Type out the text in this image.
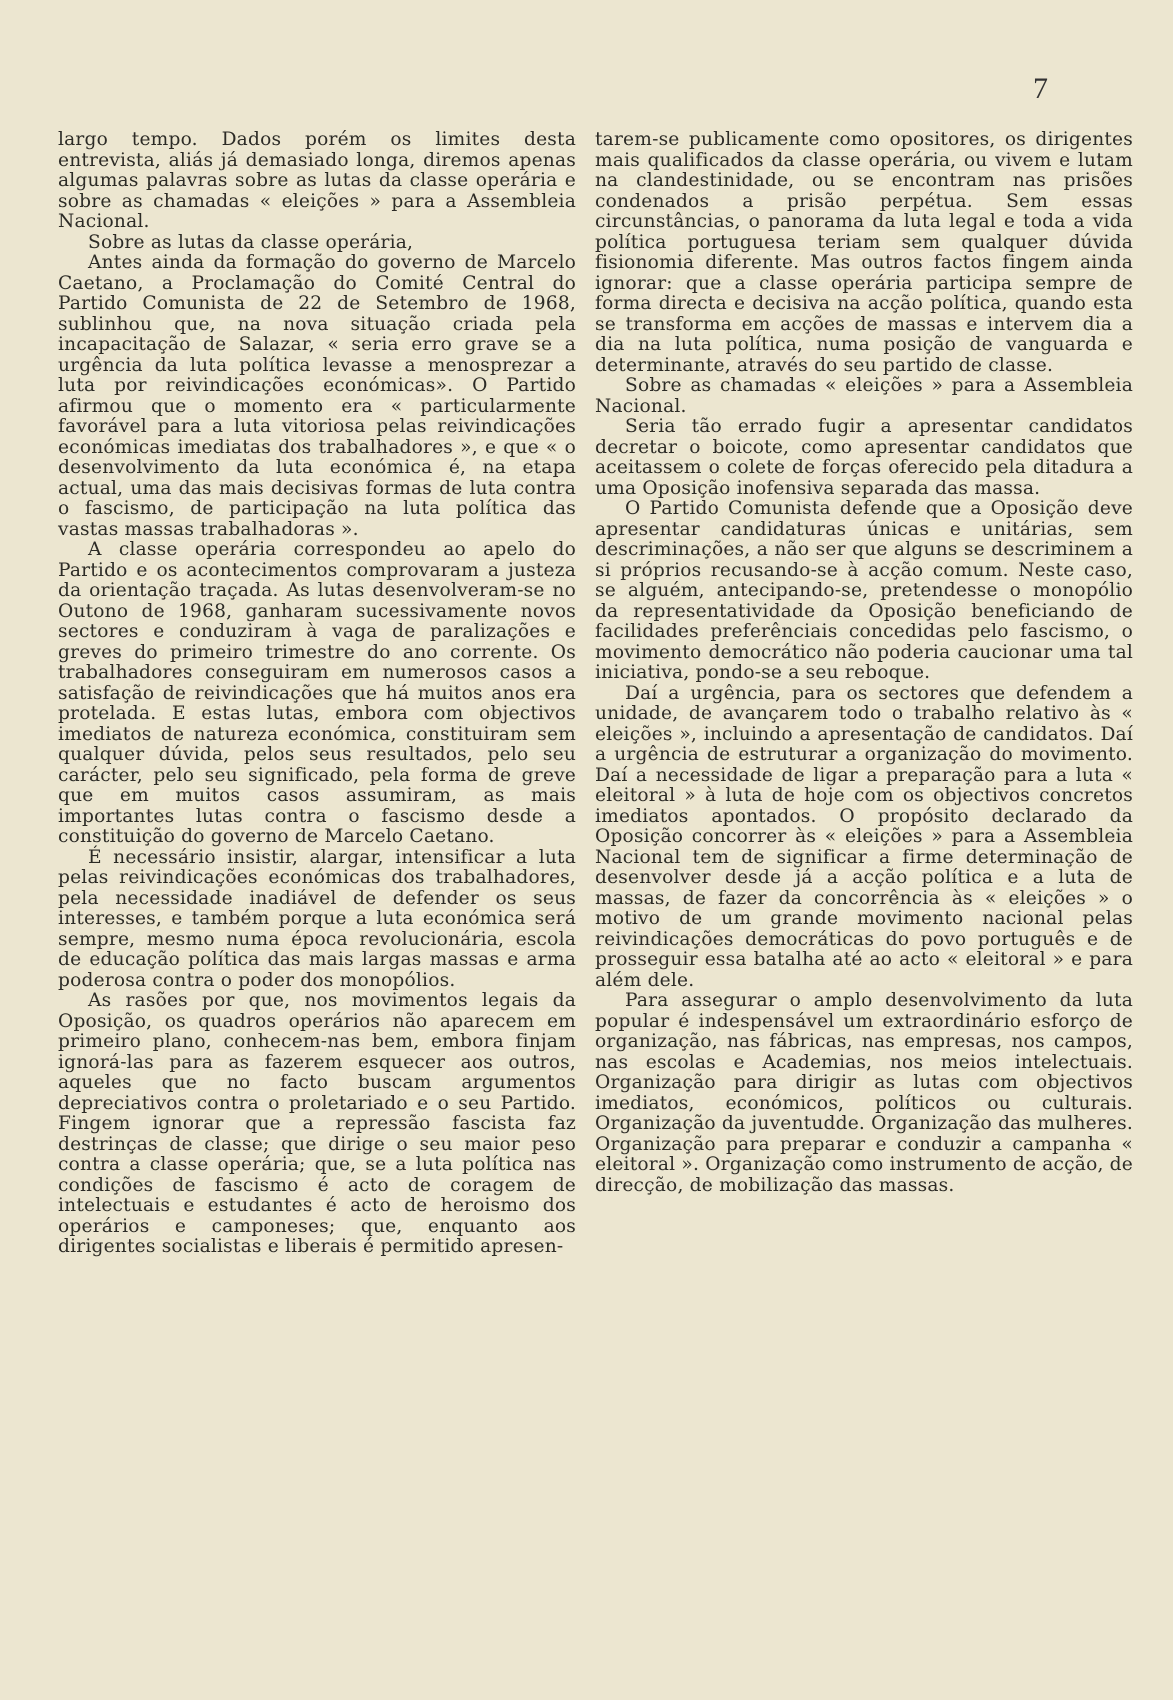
7

largo tempo. Dados porém os limites desta entrevista, aliás já demasiado longa, diremos apenas algumas palavras sobre as lutas da classe operária e sobre as chamadas « eleições » para a Assembleia Nacional.

Sobre as lutas da classe operária,

Antes ainda da formação do governo de Marcelo Caetano, a Proclamação do Comité Central do Partido Comunista de 22 de Setembro de 1968, sublinhou que, na nova situação criada pela incapacitação de Salazar, « seria erro grave se a urgência da luta política levasse a menosprezar a luta por reivindicações económicas». O Partido afirmou que o momento era « particularmente favorável para a luta vitoriosa pelas reivindicações económicas imediatas dos trabalhadores », e que « o desenvolvimento da luta económica é, na etapa actual, uma das mais decisivas formas de luta contra o fascismo, de participação na luta política das vastas massas trabalhadoras ».

A classe operária correspondeu ao apelo do Partido e os acontecimentos comprovaram a justeza da orientação traçada. As lutas desenvolveram-se no Outono de 1968, ganharam sucessivamente novos sectores e conduziram à vaga de paralizações e greves do primeiro trimestre do ano corrente. Os trabalhadores conseguiram em numerosos casos a satisfação de reivindicações que há muitos anos era protelada. E estas lutas, embora com objectivos imediatos de natureza económica, constituiram sem qualquer dúvida, pelos seus resultados, pelo seu carácter, pelo seu significado, pela forma de greve que em muitos casos assumiram, as mais importantes lutas contra o fascismo desde a constituição do governo de Marcelo Caetano.

É necessário insistir, alargar, intensificar a luta pelas reivindicações económicas dos trabalhadores, pela necessidade inadiável de defender os seus interesses, e também porque a luta económica será sempre, mesmo numa época revolucionária, escola de educação política das mais largas massas e arma poderosa contra o poder dos monopólios.

As rasões por que, nos movimentos legais da Oposição, os quadros operários não aparecem em primeiro plano, conhecem-nas bem, embora finjam ignorá-las para as fazerem esquecer aos outros, aqueles que no facto buscam argumentos depreciativos contra o proletariado e o seu Partido. Fingem ignorar que a repressão fascista faz destrinças de classe; que dirige o seu maior peso contra a classe operária; que, se a luta política nas condições de fascismo é acto de coragem de intelectuais e estudantes é acto de heroismo dos operários e camponeses; que, enquanto aos dirigentes socialistas e liberais é permitido apresen-

tarem-se publicamente como opositores, os dirigentes mais qualificados da classe operária, ou vivem e lutam na clandestinidade, ou se encontram nas prisões condenados a prisão perpétua. Sem essas circunstâncias, o panorama da luta legal e toda a vida política portuguesa teriam sem qualquer dúvida fisionomia diferente. Mas outros factos fingem ainda ignorar: que a classe operária participa sempre de forma directa e decisiva na acção política, quando esta se transforma em acções de massas e intervem dia a dia na luta política, numa posição de vanguarda e determinante, através do seu partido de classe.

Sobre as chamadas « eleições » para a Assembleia Nacional.

Seria tão errado fugir a apresentar candidatos decretar o boicote, como apresentar candidatos que aceitassem o colete de forças oferecido pela ditadura a uma Oposição inofensiva separada das massa.

O Partido Comunista defende que a Oposição deve apresentar candidaturas únicas e unitárias, sem descriminações, a não ser que alguns se descriminem a si próprios recusando-se à acção comum. Neste caso, se alguém, antecipando-se, pretendesse o monopólio da representatividade da Oposição beneficiando de facilidades preferênciais concedidas pelo fascismo, o movimento democrático não poderia caucionar uma tal iniciativa, pondo-se a seu reboque.

Daí a urgência, para os sectores que defendem a unidade, de avançarem todo o trabalho relativo às « eleições », incluindo a apresentação de candidatos. Daí a urgência de estruturar a organização do movimento. Daí a necessidade de ligar a preparação para a luta « eleitoral » à luta de hoje com os objectivos concretos imediatos apontados. O propósito declarado da Oposição concorrer às « eleições » para a Assembleia Nacional tem de significar a firme determinação de desenvolver desde já a acção política e a luta de massas, de fazer da concorrência às « eleições » o motivo de um grande movimento nacional pelas reivindicações democráticas do povo português e de prosseguir essa batalha até ao acto « eleitoral » e para além dele.

Para assegurar o amplo desenvolvimento da luta popular é indespensável um extraordinário esforço de organização, nas fábricas, nas empresas, nos campos, nas escolas e Academias, nos meios intelectuais. Organização para dirigir as lutas com objectivos imediatos, económicos, políticos ou culturais. Organização da juventudde. Organização das mulheres. Organização para preparar e conduzir a campanha « eleitoral ». Organização como instrumento de acção, de direcção, de mobilização das massas.
